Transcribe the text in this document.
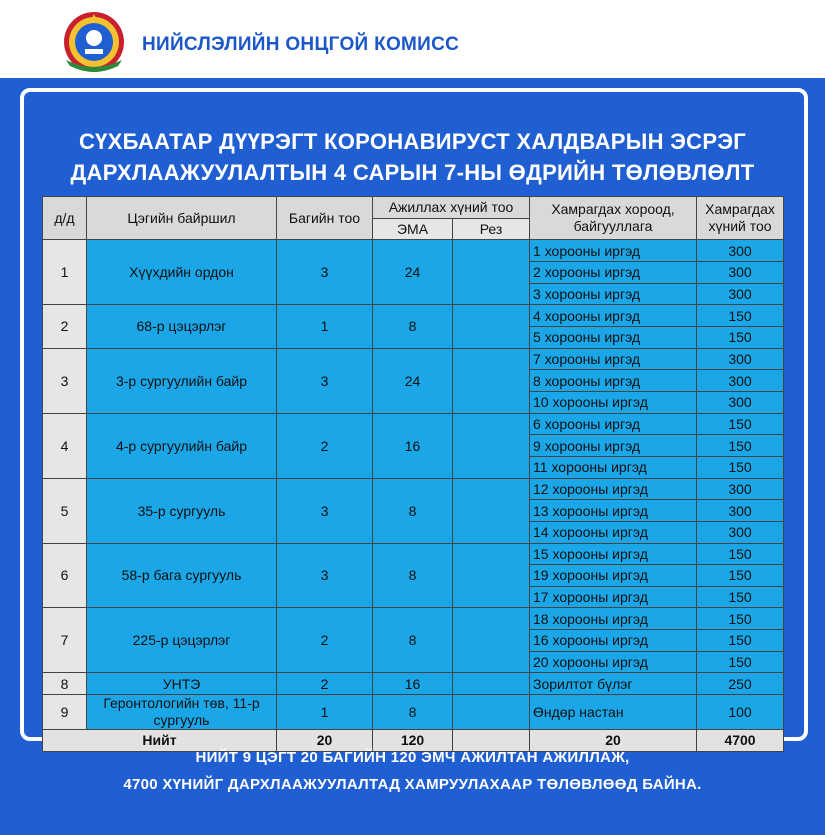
НИЙСЛЭЛИЙН ОНЦГОЙ КОМИСС
СҮХБААТАР ДҮҮРЭГТ КОРОНАВИРУСТ ХАЛДВАРЫН ЭСРЭГ
ДАРХЛААЖУУЛАЛТЫН 4 САРЫН 7-НЫ ӨДРИЙН ТӨЛӨВЛӨЛТ
д/д	Цэгийн байршил	Багийн тоо	Ажиллах хүний тоо		Хамрагдах хороод, байгууллага	Хамрагдах хүний тоо
			ЭМА	Рез		
1	Хүүхдийн ордон	3	24		1 хорооны иргэд	300
					2 хорооны иргэд	300
					3 хорооны иргэд	300
2	68-р цэцэрлэг	1	8		4 хорооны иргэд	150
					5 хорооны иргэд	150
3	3-р сургуулийн байр	3	24		7 хорооны иргэд	300
					8 хорооны иргэд	300
					10 хорооны иргэд	300
4	4-р сургуулийн байр	2	16		6 хорооны иргэд	150
					9 хорооны иргэд	150
					11 хорооны иргэд	150
5	35-р сургууль	3	8		12 хорооны иргэд	300
					13 хорооны иргэд	300
					14 хорооны иргэд	300
6	58-р бага сургууль	3	8		15 хорооны иргэд	150
					19 хорооны иргэд	150
					17 хорооны иргэд	150
7	225-р цэцэрлэг	2	8		18 хорооны иргэд	150
					16 хорооны иргэд	150
					20 хорооны иргэд	150
8	УНТЭ	2	16		Зорилтот бүлэг	250
9	Геронтологийн төв, 11-р сургууль	1	8		Өндөр настан	100
Нийт		20	120		20	4700
НИЙТ 9 ЦЭГТ 20 БАГИЙН 120 ЭМЧ АЖИЛТАН АЖИЛЛАЖ,
4700 ХҮНИЙГ ДАРХЛААЖУУЛАЛТАД ХАМРУУЛАХААР ТӨЛӨВЛӨӨД БАЙНА.
